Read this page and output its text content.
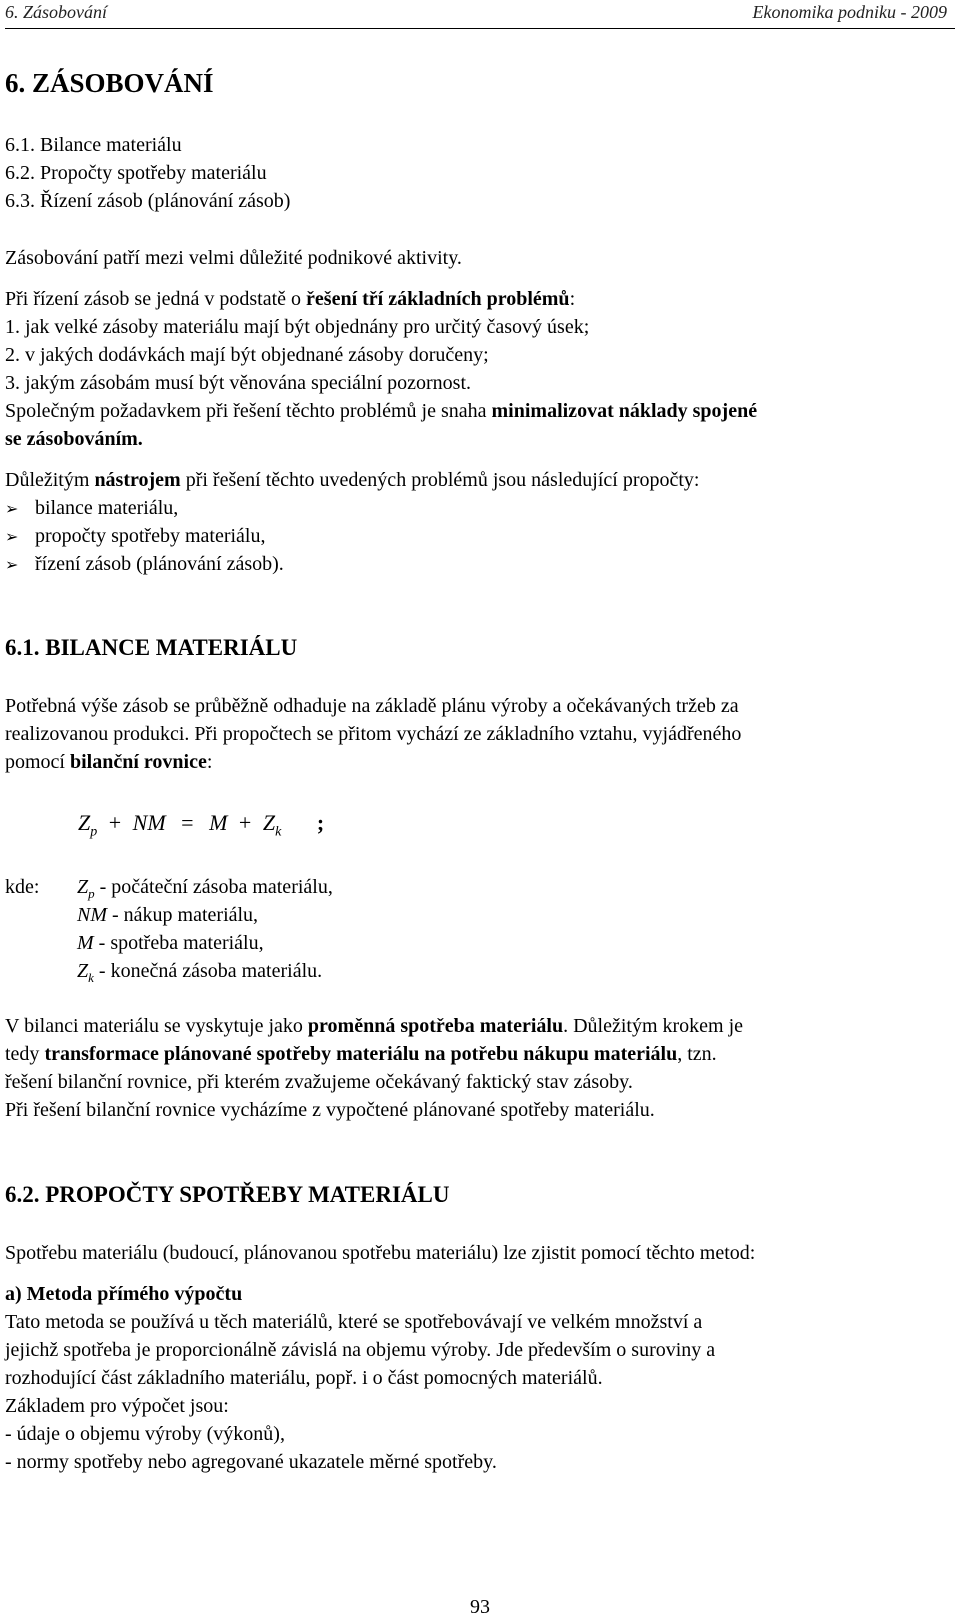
6. Zásobování	Ekonomika podniku - 2009
6. ZÁSOBOVÁNÍ
6.1. Bilance materiálu
6.2. Propočty spotřeby materiálu
6.3. Řízení zásob (plánování zásob)
Zásobování patří mezi velmi důležité podnikové aktivity.
Při řízení zásob se jedná v podstatě o řešení tří základních problémů:
1. jak velké zásoby materiálu mají být objednány pro určitý časový úsek;
2. v jakých dodávkách mají být objednané zásoby doručeny;
3. jakým zásobám musí být věnována speciální pozornost.
Společným požadavkem při řešení těchto problémů je snaha minimalizovat náklady spojené
se zásobováním.
Důležitým nástrojem při řešení těchto uvedených problémů jsou následující propočty:
➢ bilance materiálu,
➢ propočty spotřeby materiálu,
➢ řízení zásob (plánování zásob).
6.1. BILANCE MATERIÁLU
Potřebná výše zásob se průběžně odhaduje na základě plánu výroby a očekávaných tržeb za
realizovanou produkci. Při propočtech se přitom vychází ze základního vztahu, vyjádřeného
pomocí bilanční rovnice:
$Z_p$ + NM = $M + Z_k$ ;
kde: $Z_p$ - počáteční zásoba materiálu,
NM - nákup materiálu,
M - spotřeba materiálu,
$Z_k$ - konečná zásoba materiálu.
V bilanci materiálu se vyskytuje jako proměnná spotřeba materiálu. Důležitým krokem je
tedy transformace plánované spotřeby materiálu na potřebu nákupu materiálu, tzn.
řešení bilanční rovnice, při kterém zvažujeme očekávaný faktický stav zásoby.
Při řešení bilanční rovnice vycházíme z vypočtené plánované spotřeby materiálu.
6.2. PROPOČTY SPOTŘEBY MATERIÁLU
Spotřebu materiálu (budoucí, plánovanou spotřebu materiálu) lze zjistit pomocí těchto metod:
a) Metoda přímého výpočtu
Tato metoda se používá u těch materiálů, které se spotřebovávají ve velkém množství a
jejichž spotřeba je proporcionálně závislá na objemu výroby. Jde především o suroviny a
rozhodující část základního materiálu, popř. i o část pomocných materiálů.
Základem pro výpočet jsou:
- údaje o objemu výroby (výkonů),
- normy spotřeby nebo agregované ukazatele měrné spotřeby.
93
